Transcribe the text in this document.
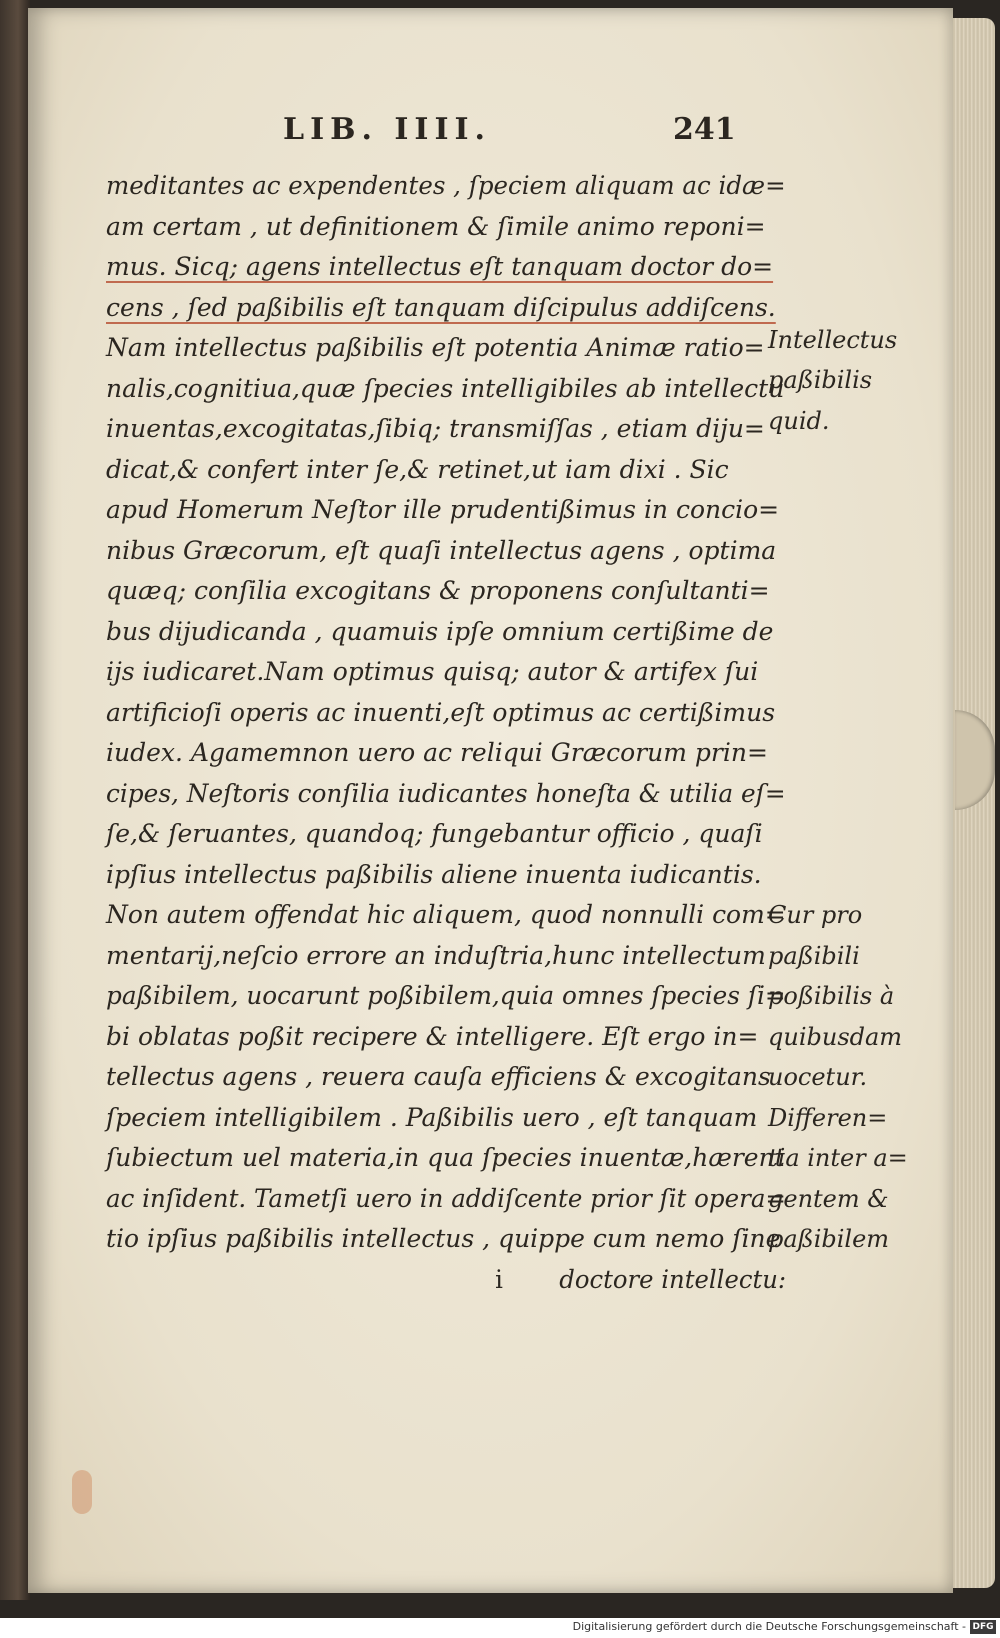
LIB. IIII.	241
meditantes ac expendentes , ſpeciem aliquam ac idæ=
am certam , ut definitionem & ſimile animo reponi=
mus. Sicq; agens intellectus eſt tanquam doctor do=
cens , ſed paßibilis eſt tanquam diſcipulus addiſcens.
Nam intellectus paßibilis eſt potentia Animæ ratio=
nalis,cognitiua,quæ ſpecies intelligibiles ab intellectu
inuentas,excogitatas,ſibiq; transmiſſas , etiam diju=
dicat,& confert inter ſe,& retinet,ut iam dixi . Sic
apud Homerum Neſtor ille prudentißimus in concio=
nibus Græcorum, eſt quaſi intellectus agens , optima
quæq; conſilia excogitans & proponens conſultanti=
bus dijudicanda , quamuis ipſe omnium certißime de
ijs iudicaret.Nam optimus quisq; autor & artifex ſui
artificioſi operis ac inuenti,eſt optimus ac certißimus
iudex. Agamemnon uero ac reliqui Græcorum prin=
cipes, Neſtoris conſilia iudicantes honeſta & utilia eſ=
ſe,& ſeruantes, quandoq; fungebantur officio , quaſi
ipſius intellectus paßibilis aliene inuenta iudicantis.
Non autem offendat hic aliquem, quod nonnulli com=
mentarij,neſcio errore an induſtria,hunc intellectum
paßibilem, uocarunt poßibilem,quia omnes ſpecies ſi=
bi oblatas poßit recipere & intelligere. Eſt ergo in=
tellectus agens , reuera cauſa efficiens & excogitans
ſpeciem intelligibilem . Paßibilis uero , eſt tanquam
ſubiectum uel materia,in qua ſpecies inuentæ,hærent
ac inſident. Tametſi uero in addiſcente prior ſit opera=
tio ipſius paßibilis intellectus , quippe cum nemo ſine
i doctore intellectu:
Intellectus
paßibilis
quid.
Cur pro
paßibili
poßibilis à
quibusdam
uocetur.
Differen=
tia inter a=
gentem &
paßibilem
Digitalisierung gefördert durch die Deutsche Forschungsgemeinschaft - DFG
